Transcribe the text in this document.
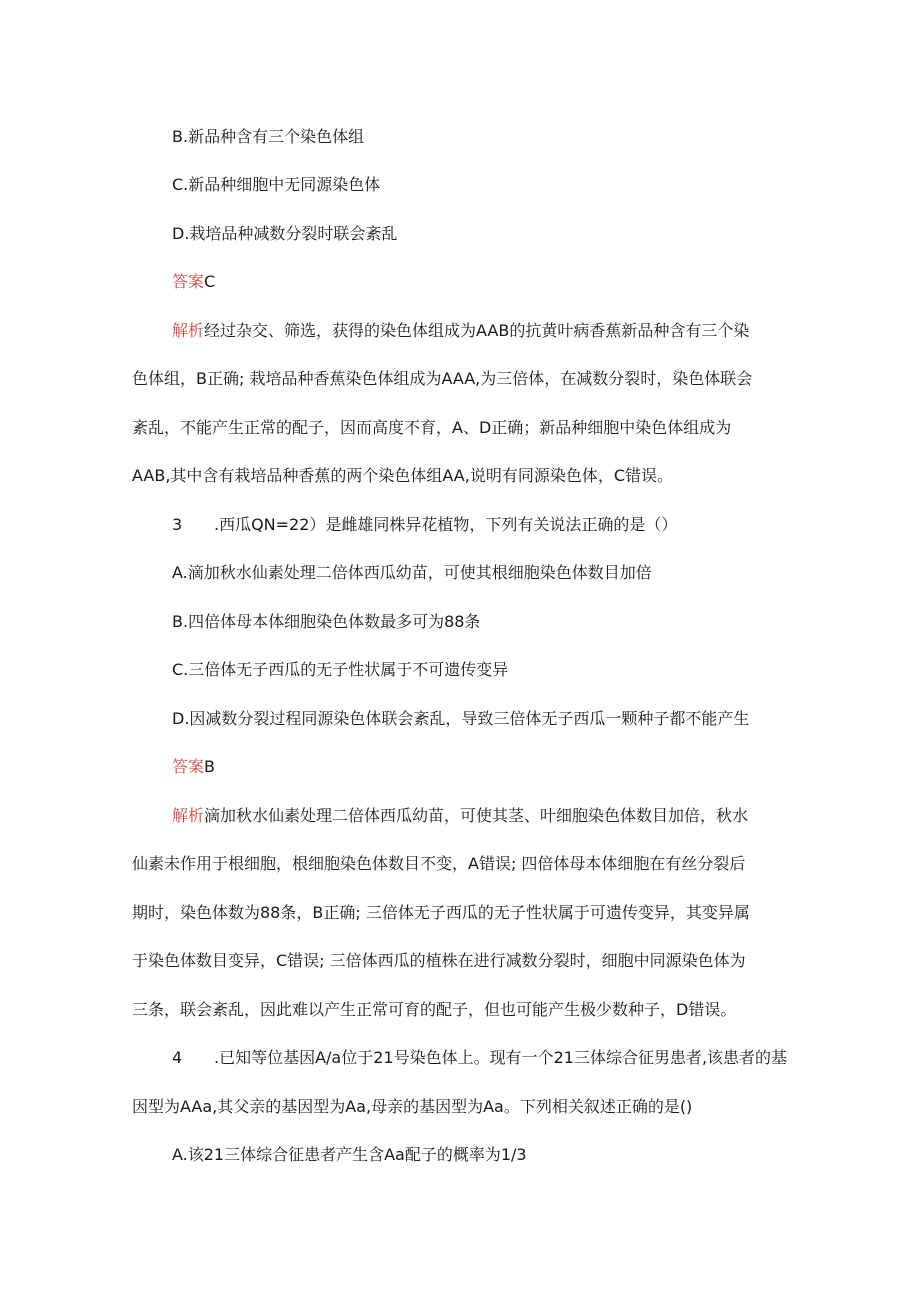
B.新品种含有三个染色体组
C.新品种细胞中无同源染色体
D.栽培品种减数分裂时联会紊乱
答案C
解析经过杂交、筛选，获得的染色体组成为AAB的抗黄叶病香蕉新品种含有三个染
色体组，B正确; 栽培品种香蕉染色体组成为AAA,为三倍体，在减数分裂时，染色体联会
紊乱，不能产生正常的配子，因而高度不育，A、D正确；新品种细胞中染色体组成为
AAB,其中含有栽培品种香蕉的两个染色体组AA,说明有同源染色体，C错误。
3 .西瓜QN=22）是雌雄同株异花植物，下列有关说法正确的是（）
A.滴加秋水仙素处理二倍体西瓜幼苗，可使其根细胞染色体数目加倍
B.四倍体母本体细胞染色体数最多可为88条
C.三倍体无子西瓜的无子性状属于不可遗传变异
D.因减数分裂过程同源染色体联会紊乱，导致三倍体无子西瓜一颗种子都不能产生
答案B
解析滴加秋水仙素处理二倍体西瓜幼苗，可使其茎、叶细胞染色体数目加倍，秋水
仙素未作用于根细胞，根细胞染色体数目不变，A错误; 四倍体母本体细胞在有丝分裂后
期时，染色体数为88条，B正确; 三倍体无子西瓜的无子性状属于可遗传变异，其变异属
于染色体数目变异，C错误; 三倍体西瓜的植株在进行减数分裂时，细胞中同源染色体为
三条，联会紊乱，因此难以产生正常可育的配子，但也可能产生极少数种子，D错误。
4 .已知等位基因A/a位于21号染色体上。现有一个21三体综合征男患者,该患者的基
因型为AAa,其父亲的基因型为Aa,母亲的基因型为Aa。下列相关叙述正确的是()
A.该21三体综合征患者产生含Aa配子的概率为1/3
